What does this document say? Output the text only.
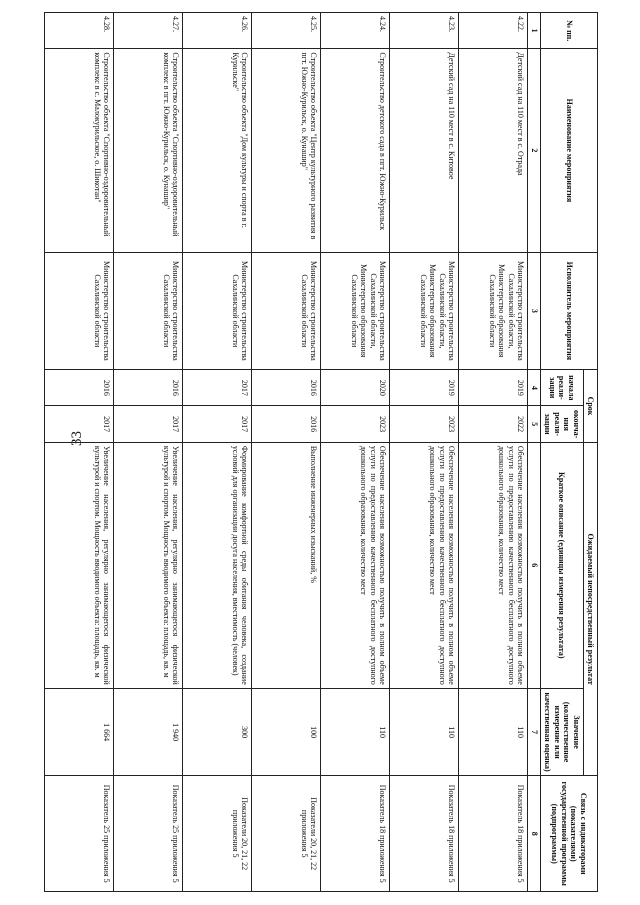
33
№ пп.	Наименование мероприятия	Исполнитель мероприятия	Срок		Ожидаемый непосредственный результат		Связь с индикаторами (показателями) государственной программы (подпрограммы)
			начала реали-зации	оконча-ния реали-зации	Краткое описание (единицы измерения результата)	Значение (количественное измерение или качественная оценка)	

1	2	3	4	5	6	7	8
4.22.	Детский сад на 110 мест в с. Отрада	Министерство строительства Сахалинской области, Министерство образования Сахалинской области	2019	2022	Обеспечение населения возможностью получить в полном объеме услуги по предоставлению качественного бесплатного доступного дошкольного образования, количество мест	110	Показатель 18 приложения 5
4.23.	Детский сад на 110 мест в с. Китовое	Министерство строительства Сахалинской области, Министерство образования Сахалинской области	2019	2023	Обеспечение населения возможностью получить в полном объеме услуги по предоставлению качественного бесплатного доступного дошкольного образования, количество мест	110	Показатель 18 приложения 5
4.24.	Строительство детского сада в пгт. Южно-Курильск	Министерство строительства Сахалинской области, Министерство образования Сахалинской области	2020	2023	Обеспечение населения возможностью получить в полном объеме услуги по предоставлению качественного бесплатного доступного дошкольного образования, количество мест	110	Показатель 18 приложения 5
4.25.	Строительство объекта "Центр культурного развития в пгт. Южно-Курильск, о. Кунашир"	Министерство строительства Сахалинской области	2016	2016	Выполнение инженерных изысканий, %	100	Показатели 20, 21, 22 приложения 5
4.26.	Строительство объекта "Дом культуры и спорта в г. Курильске"	Министерство строительства Сахалинской области	2017	2017	Формирование комфортной среды обитания человека, создание условий для организации досуга населения, вместимость (человек)	300	Показатели 20, 21, 22 приложения 5
4.27.	Строительство объекта "Спортивно-оздоровительный комплекс в пгт. Южно-Курильск, о. Кунашир"	Министерство строительства Сахалинской области	2016	2017	Увеличение населения, регулярно занимающегося физической культурой и спортом. Мощность вводимого объекта: площадь, кв. м	1 940	Показатель 25 приложения 5
4.28.	Строительство объекта "Спортивно-оздоровительный комплекс в с. Малокурильское, о. Шикотан"	Министерство строительства Сахалинской области	2016	2017	Увеличение населения, регулярно занимающегося физической культурой и спортом. Мощность вводимого объекта: площадь, кв. м	1 664	Показатель 25 приложения 5
